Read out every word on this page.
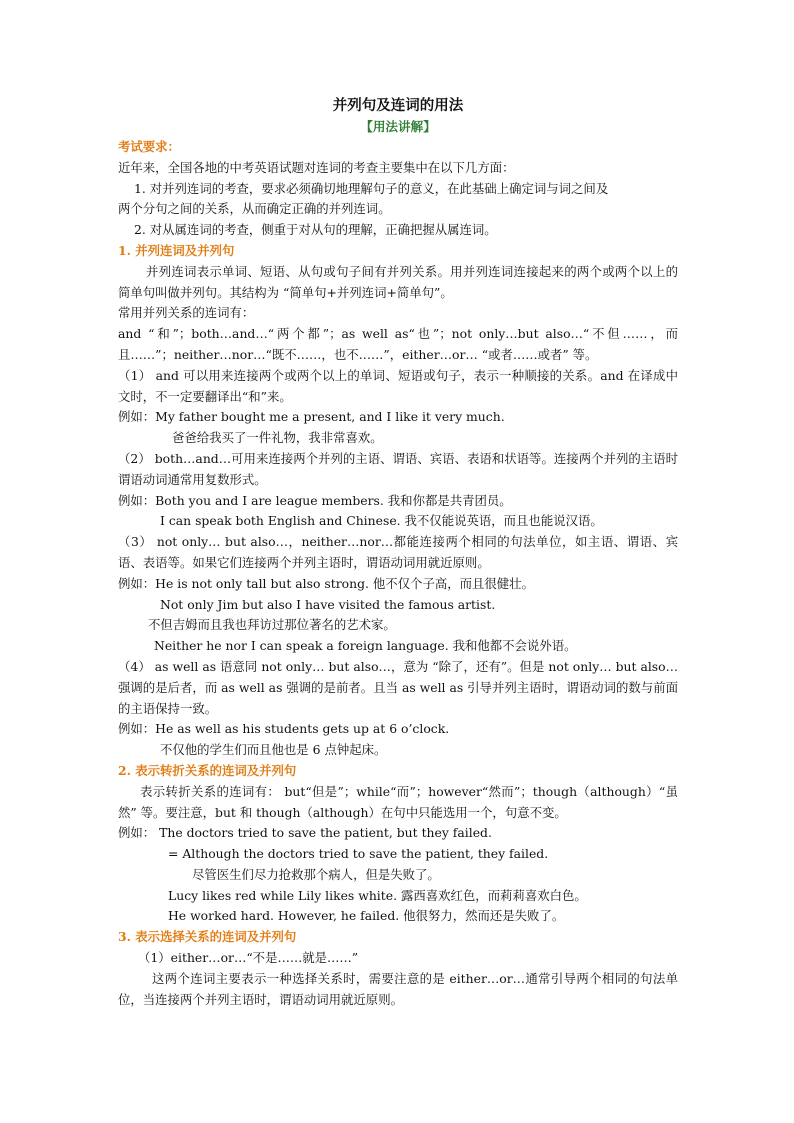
并列句及连词的用法

【用法讲解】

考试要求：

近年来，全国各地的中考英语试题对连词的考查主要集中在以下几方面：

1. 对并列连词的考查，要求必须确切地理解句子的意义，在此基础上确定词与词之间及

两个分句之间的关系，从而确定正确的并列连词。

2. 对从属连词的考查，侧重于对从句的理解，正确把握从属连词。

1. 并列连词及并列句

并列连词表示单词、短语、从句或句子间有并列关系。用并列连词连接起来的两个或两个以上的简单句叫做并列句。其结构为 “简单句+并列连词+简单句”。

常用并列关系的连词有：

and “和”；both…and…“两个都”；as well as“也”；not only…but also…“不但……，而且……”；neither…nor…“既不……，也不……”，either…or… “或者……或者” 等。

（1） and 可以用来连接两个或两个以上的单词、短语或句子，表示一种顺接的关系。and 在译成中文时，不一定要翻译出“和”来。

例如：My father bought me a present, and I like it very much.

爸爸给我买了一件礼物，我非常喜欢。

（2） both…and…可用来连接两个并列的主语、谓语、宾语、表语和状语等。连接两个并列的主语时谓语动词通常用复数形式。

例如：Both you and I are league members. 我和你都是共青团员。

I can speak both English and Chinese. 我不仅能说英语，而且也能说汉语。

（3） not only… but also…，neither…nor…都能连接两个相同的句法单位，如主语、谓语、宾语、表语等。如果它们连接两个并列主语时，谓语动词用就近原则。

例如：He is not only tall but also strong. 他不仅个子高，而且很健壮。

Not only Jim but also I have visited the famous artist.

不但吉姆而且我也拜访过那位著名的艺术家。

Neither he nor I can speak a foreign language. 我和他都不会说外语。

（4） as well as 语意同 not only… but also…，意为 “除了，还有”。但是 not only… but also…强调的是后者，而 as well as 强调的是前者。且当 as well as 引导并列主语时，谓语动词的数与前面的主语保持一致。

例如：He as well as his students gets up at 6 o’clock.

不仅他的学生们而且他也是 6 点钟起床。

2. 表示转折关系的连词及并列句

表示转折关系的连词有： but“但是”；while“而”；however“然而”；though（although）“虽然” 等。要注意，but 和 though（although）在句中只能选用一个，句意不变。

例如： The doctors tried to save the patient, but they failed.

= Although the doctors tried to save the patient, they failed.

尽管医生们尽力抢救那个病人，但是失败了。

Lucy likes red while Lily likes white. 露西喜欢红色，而莉莉喜欢白色。

He worked hard. However, he failed. 他很努力，然而还是失败了。

3. 表示选择关系的连词及并列句

（1）either…or…“不是……就是……”

这两个连词主要表示一种选择关系时，需要注意的是 either…or…通常引导两个相同的句法单位，当连接两个并列主语时，谓语动词用就近原则。
